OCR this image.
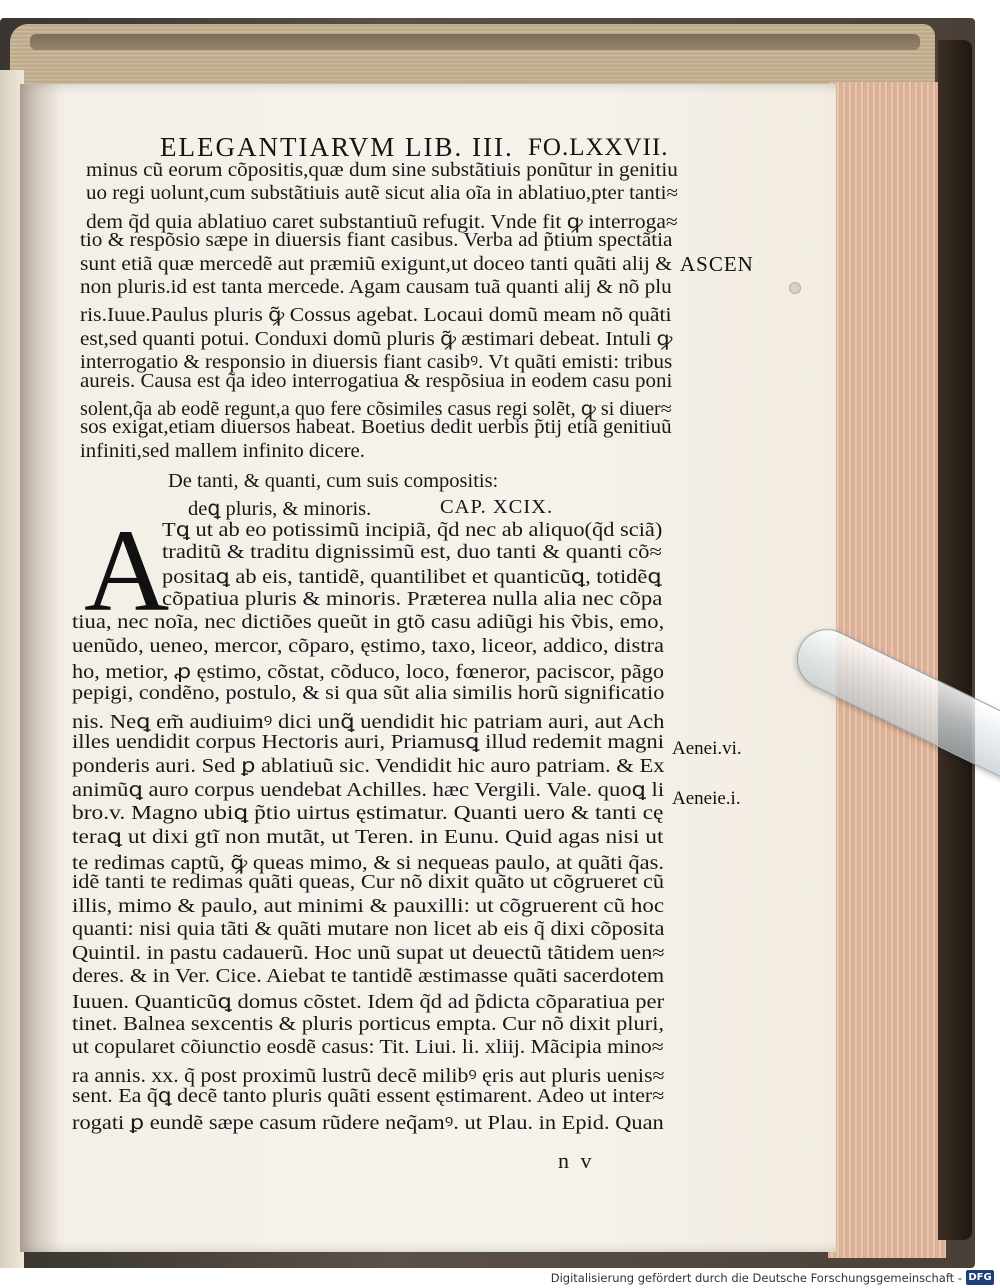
ELEGANTIARVM LIB. III. FO.LXXVII.
minus cũ eorum cõpositis,quæ dum sine substãtiuis ponũtur in genitiu
uo regi uolunt,cum substãtiuis autẽ sicut alia oĩa in ablatiuo,pter tanti≈
dem q̃d quia ablatiuo caret substantiuũ refugit. Vnde fit ꝙ interroga≈
tio & respõsio sæpe in diuersis fiant casibus. Verba ad p̃tium spectãtia
sunt etiã quæ mercedẽ aut præmiũ exigunt,ut doceo tanti quãti alij &
non pluris.id est tanta mercede. Agam causam tuã quanti alij & nõ plu
ris.Iuue.Paulus pluris ꝙ̃ Cossus agebat. Locaui domũ meam nõ quãti
est,sed quanti potui. Conduxi domũ pluris ꝙ̃ æstimari debeat. Intuli ꝙ
interrogatio & responsio in diuersis fiant casibꝰ. Vt quãti emisti: tribus
aureis. Causa est q̃a ideo interrogatiua & respõsiua in eodem casu poni
solent,q̃a ab eodẽ regunt,a quo fere cõsimiles casus regi solẽt, ꝙ si diuer≈
sos exigat,etiam diuersos habeat. Boetius dedit uerbis p̃tij etiã genitiuũ
infiniti,sed mallem infinito dicere.
De tanti, & quanti, cum suis compositis:
deꝗ pluris, & minoris.	CAP. XCIX.
A
Tꝗ ut ab eo potissimũ incipiã, q̃d nec ab aliquo(q̃d sciã)
traditũ & traditu dignissimũ est, duo tanti & quanti cõ≈
positaꝗ ab eis, tantidẽ, quantilibet et quanticũꝗ, totidẽꝗ
cõpatiua pluris & minoris. Præterea nulla alia nec cõpa
tiua, nec noĩa, nec dictiões queũt in gtõ casu adiũgi his ṽbis, emo,
uenũdo, ueneo, mercor, cõparo, ęstimo, taxo, liceor, addico, distra
ho, metior, ꝓ ęstimo, cõstat, cõduco, loco, fœneror, paciscor, pãgo
pepigi, condẽno, postulo, & si qua sũt alia similis horũ significatio
nis. Neꝗ em̃ audiuimꝰ dici unꝗ̃ uendidit hic patriam auri, aut Ach
illes uendidit corpus Hectoris auri, Priamusꝗ illud redemit magni
ponderis auri. Sed ꝑ ablatiuũ sic. Vendidit hic auro patriam. & Ex
animũꝗ auro corpus uendebat Achilles. hæc Vergili. Vale. quoꝗ li
bro.v. Magno ubiꝗ p̃tio uirtus ęstimatur. Quanti uero & tanti cę
teraꝗ ut dixi gtĩ non mutãt, ut Teren. in Eunu. Quid agas nisi ut
te redimas captũ, ꝙ̃ queas mimo, & si nequeas paulo, at quãti q̃as.
idẽ tanti te redimas quãti queas, Cur nõ dixit quãto ut cõgrueret cũ
illis, mimo & paulo, aut minimi & pauxilli: ut cõgruerent cũ hoc
quanti: nisi quia tãti & quãti mutare non licet ab eis q̃ dixi cõposita
Quintil. in pastu cadauerũ. Hoc unũ supat ut deuectũ tãtidem uen≈
deres. & in Ver. Cice. Aiebat te tantidẽ æstimasse quãti sacerdotem
Iuuen. Quanticũꝗ domus cõstet. Idem q̃d ad p̃dicta cõparatiua per
tinet. Balnea sexcentis & pluris porticus empta. Cur nõ dixit pluri,
ut copularet cõiunctio eosdẽ casus: Tit. Liui. li. xliij. Mãcipia mino≈
ra annis. xx. q̃ post proximũ lustrũ decẽ milibꝰ ęris aut pluris uenis≈
sent. Ea q̃ꝗ decẽ tanto pluris quãti essent ęstimarent. Adeo ut inter≈
rogati ꝑ eundẽ sæpe casum rũdere neq̃amꝰ. ut Plau. in Epid. Quan
ASCEN
Aenei.vi.
Aeneie.i.
n v
Digitalisierung gefördert durch die Deutsche Forschungsgemeinschaft - DFG
